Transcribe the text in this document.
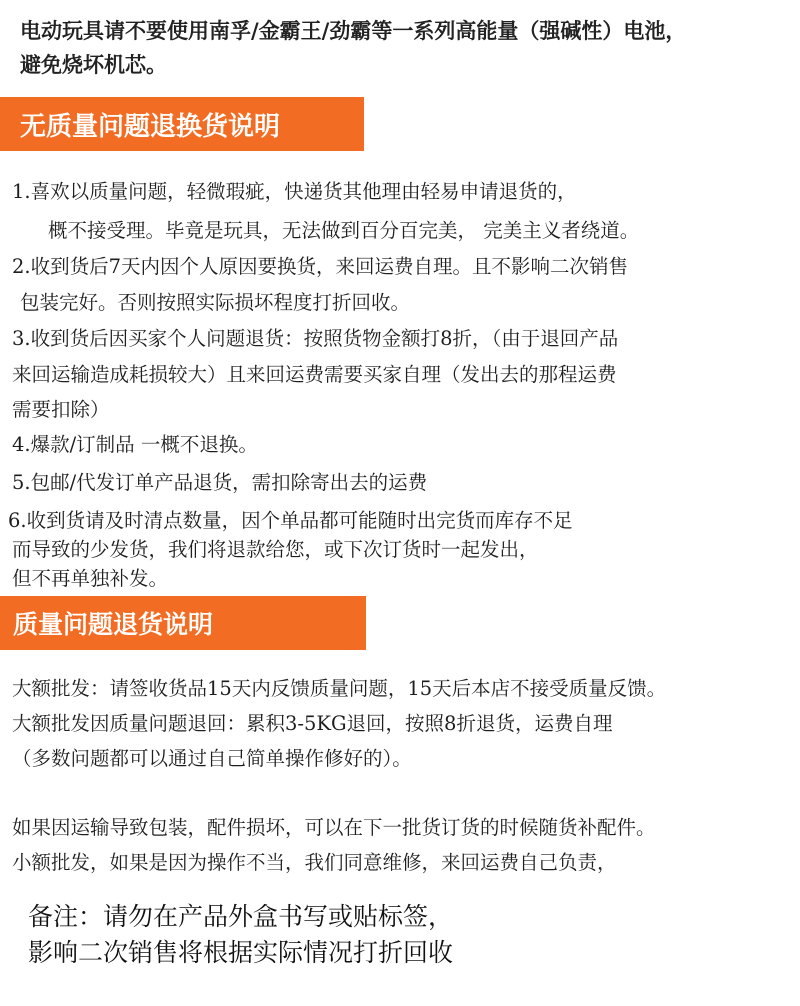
电动玩具请不要使用南孚/金霸王/劲霸等一系列高能量（强碱性）电池，
避免烧坏机芯。
无质量问题退换货说明
1.喜欢以质量问题，轻微瑕疵，快递货其他理由轻易申请退货的，
概不接受理。毕竟是玩具，无法做到百分百完美， 完美主义者绕道。
2.收到货后7天内因个人原因要换货，来回运费自理。且不影响二次销售
包装完好。否则按照实际损坏程度打折回收。
3.收到货后因买家个人问题退货：按照货物金额打8折，（由于退回产品
来回运输造成耗损较大）且来回运费需要买家自理（发出去的那程运费
需要扣除）
4.爆款/订制品 一概不退换。
5.包邮/代发订单产品退货，需扣除寄出去的运费
6.收到货请及时清点数量，因个单品都可能随时出完货而库存不足
而导致的少发货，我们将退款给您，或下次订货时一起发出，
但不再单独补发。
质量问题退货说明
大额批发：请签收货品15天内反馈质量问题，15天后本店不接受质量反馈。
大额批发因质量问题退回：累积3-5KG退回，按照8折退货，运费自理
（多数问题都可以通过自己简单操作修好的）。
如果因运输导致包装，配件损坏，可以在下一批货订货的时候随货补配件。
小额批发，如果是因为操作不当，我们同意维修，来回运费自己负责，
备注：请勿在产品外盒书写或贴标签，
影响二次销售将根据实际情况打折回收
